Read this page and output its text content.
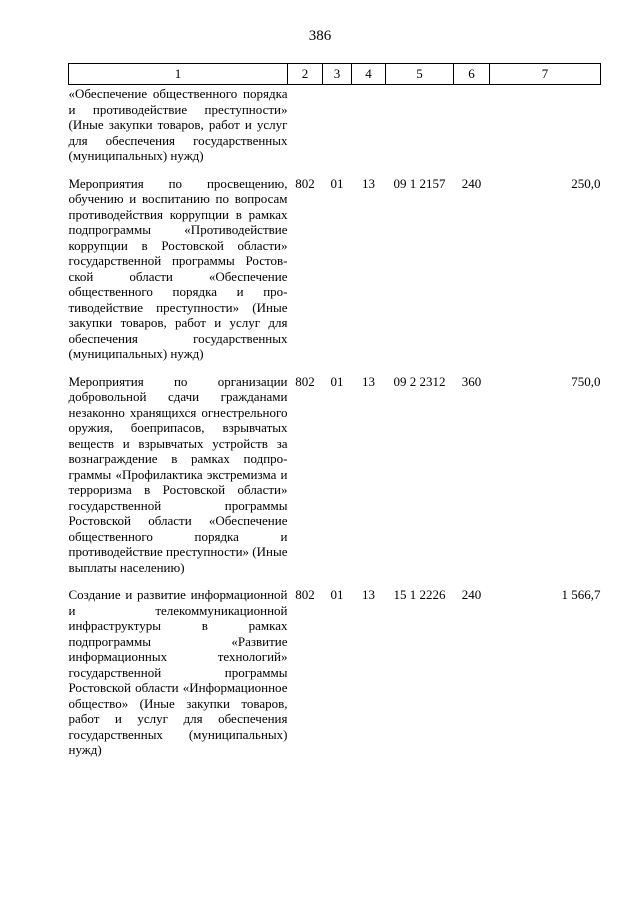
386
1	2	3	4	5	6	7
«Обеспечение общественного порядка и противодействие преступности» (Иные закупки товаров, работ и услуг для обеспечения государственных (муниципальных) нужд)						

Мероприятия по просвещению, обучению и воспитанию по вопросам противодействия коррупции в рамках подпрограммы «Противодействие коррупции в Ростовской области» государственной программы Ростовской области «Обеспечение общественного порядка и противодействие преступности» (Иные закупки товаров, работ и услуг для обеспечения государственных (муниципальных) нужд)	802	01	13	09 1 2157	240	250,0

Мероприятия по организации добровольной сдачи гражданами незаконно хранящихся огнестрельного оружия, боеприпасов, взрывчатых веществ и взрывчатых устройств за вознаграждение в рамках подпрограммы «Профилактика экстремизма и терроризма в Ростовской области» государственной программы Ростовской области «Обеспечение общественного порядка и противодействие преступности» (Иные выплаты населению)	802	01	13	09 2 2312	360	750,0

Создание и развитие информационной и телекоммуникационной инфраструктуры в рамках подпрограммы «Развитие информационных технологий» государственной программы Ростовской области «Информационное общество» (Иные закупки товаров, работ и услуг для обеспечения государственных (муниципальных) нужд)	802	01	13	15 1 2226	240	1 566,7
